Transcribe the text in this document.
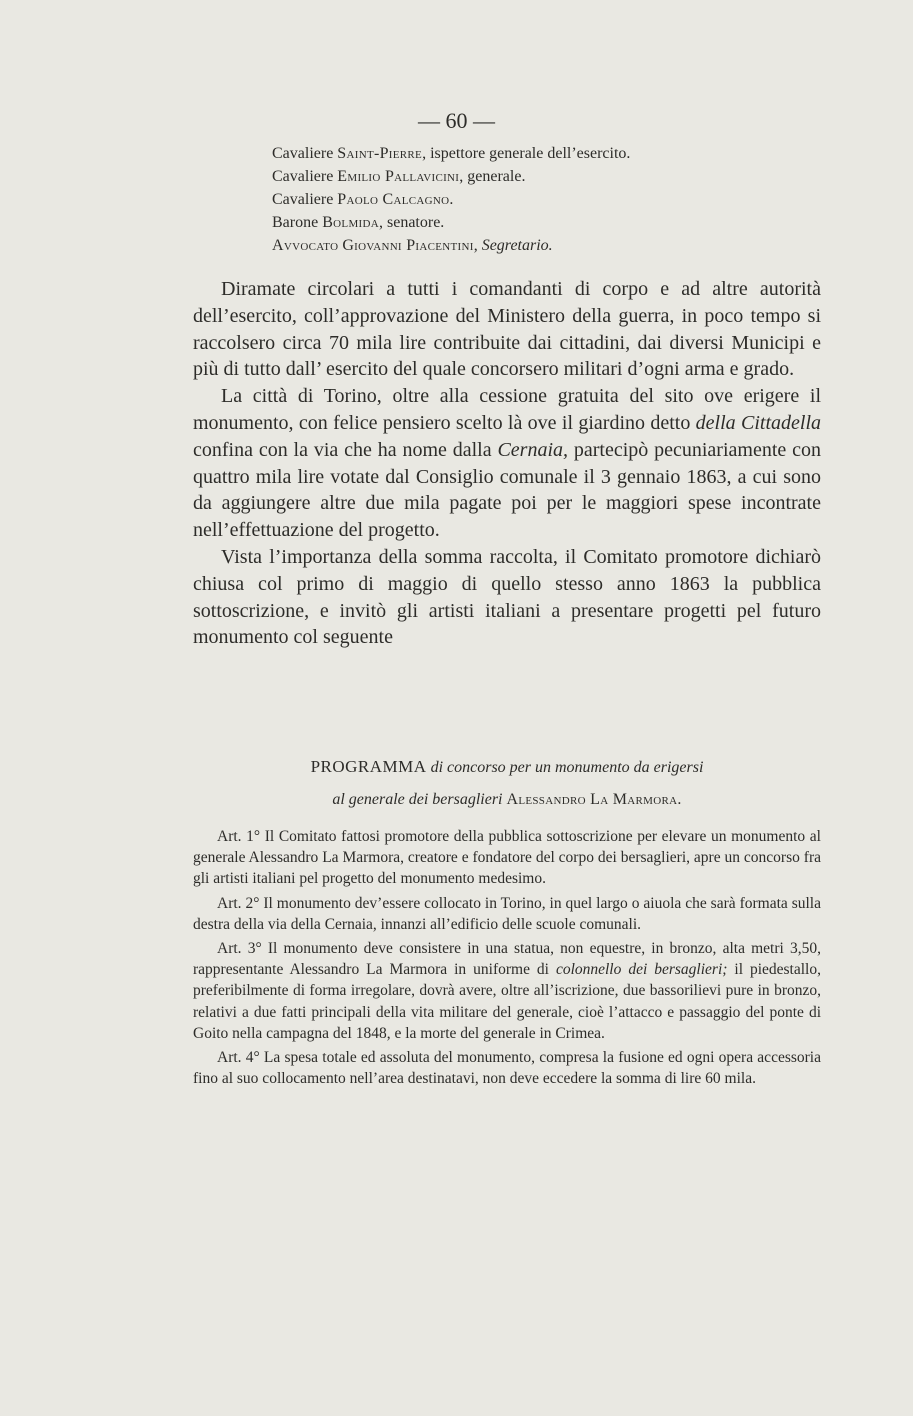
— 60 —
Cavaliere Saint-Pierre, ispettore generale dell’esercito.
Cavaliere Emilio Pallavicini, generale.
Cavaliere Paolo Calcagno.
Barone Bolmida, senatore.
Avvocato Giovanni Piacentini, Segretario.

Diramate circolari a tutti i comandanti di corpo e ad altre autorità dell’esercito, coll’approvazione del Ministero della guerra, in poco tempo si raccolsero circa 70 mila lire contribuite dai cittadini, dai diversi Municipi e più di tutto dall’ esercito del quale concorsero militari d’ogni arma e grado.

La città di Torino, oltre alla cessione gratuita del sito ove erigere il monumento, con felice pensiero scelto là ove il giardino detto della Cittadella confina con la via che ha nome dalla Cernaia, partecipò pecuniariamente con quattro mila lire votate dal Consiglio comunale il 3 gennaio 1863, a cui sono da aggiungere altre due mila pagate poi per le maggiori spese incontrate nell’effettuazione del progetto.

Vista l’importanza della somma raccolta, il Comitato promotore dichiarò chiusa col primo di maggio di quello stesso anno 1863 la pubblica sottoscrizione, e invitò gli artisti italiani a presentare progetti pel futuro monumento col seguente

PROGRAMMA di concorso per un monumento da erigersi
al generale dei bersaglieri Alessandro La Marmora.

Art. 1° Il Comitato fattosi promotore della pubblica sottoscrizione per elevare un monumento al generale Alessandro La Marmora, creatore e fondatore del corpo dei bersaglieri, apre un concorso fra gli artisti italiani pel progetto del monumento medesimo.

Art. 2° Il monumento dev’essere collocato in Torino, in quel largo o aiuola che sarà formata sulla destra della via della Cernaia, innanzi all’edificio delle scuole comunali.

Art. 3° Il monumento deve consistere in una statua, non equestre, in bronzo, alta metri 3,50, rappresentante Alessandro La Marmora in uniforme di colonnello dei bersaglieri; il piedestallo, preferibilmente di forma irregolare, dovrà avere, oltre all’iscrizione, due bassorilievi pure in bronzo, relativi a due fatti principali della vita militare del generale, cioè l’attacco e passaggio del ponte di Goito nella campagna del 1848, e la morte del generale in Crimea.

Art. 4° La spesa totale ed assoluta del monumento, compresa la fusione ed ogni opera accessoria fino al suo collocamento nell’area destinatavi, non deve eccedere la somma di lire 60 mila.
